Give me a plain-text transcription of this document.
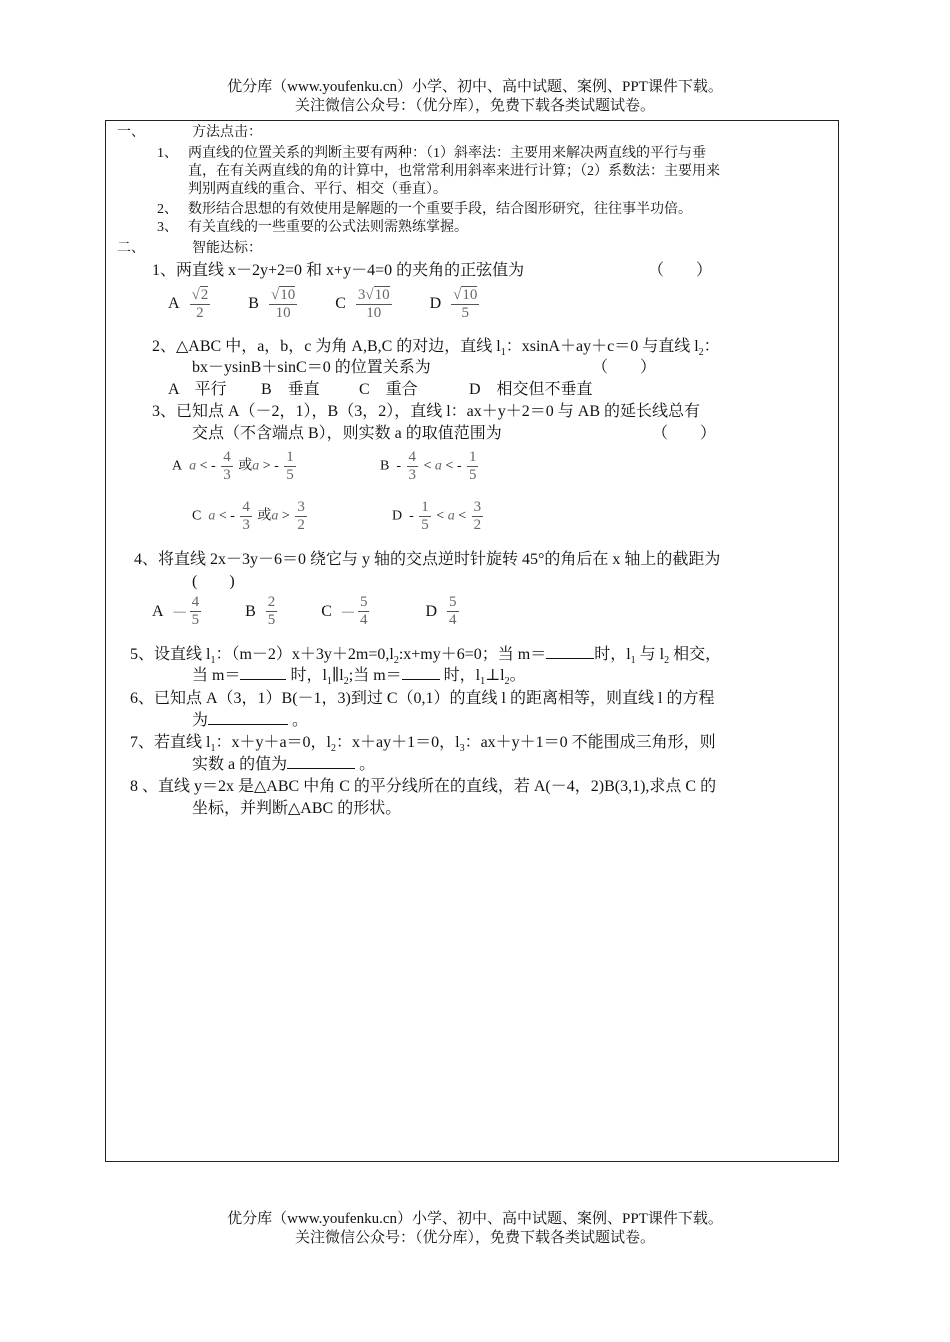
优分库（www.youfenku.cn）小学、初中、高中试题、案例、PPT课件下载。
关注微信公众号：（优分库），免费下载各类试题试卷。
一、	方法点击：
1、 两直线的位置关系的判断主要有两种：（1）斜率法：主要用来解决两直线的平行与垂
直，在有关两直线的角的计算中，也常常利用斜率来进行计算；（2）系数法：主要用来
判别两直线的重合、平行、相交（垂直）。
2、 数形结合思想的有效使用是解题的一个重要手段，结合图形研究，往往事半功倍。
3、 有关直线的一些重要的公式法则需熟练掌握。
二、	智能达标：
1、两直线 x－2y+2=0 和 x+y－4=0 的夹角的正弦值为	（　　）
A $\frac{√2}{2}$
B $\frac{√10}{10}$
C $\frac{3√10}{10}$
D $\frac{√10}{5}$
2、△ABC 中，a，b，c 为角 A,B,C 的对边，直线 $l_1$：xsinA＋ay＋c＝0 与直线 $l_2$：
bx－ysinB＋sinC＝0 的位置关系为	（　　）
A　平行 B　垂直 C　重合	D　相交但不垂直
3、已知点 A（－2，1），B（3，2），直线 l：ax＋y＋2＝0 与 AB 的延长线总有
交点（不含端点 B），则实数 a 的取值范围为	（　　）
A a < - $\frac{4}{3}$ 或a > - $\frac{1}{5}$	$B - \frac{4}{3} < a$ < - $\frac{1}{5}$
C a < - $\frac{4}{3}$ 或$a > \frac{3}{2}$	$D - \frac{1}{5} < a < \frac{3}{2}$
4、将直线 2x－3y－6＝0 绕它与 y 轴的交点逆时针旋转 45°的角后在 x 轴上的截距为
(　　)
$A - \frac{4}{5}$
	B $\frac{2}{5}$
	$C - \frac{5}{4}$
	D $\frac{5}{4}$
5、设直线 $l_1$：$(m-2)x+3y+2m=0,l_2:x+my+6=0$；当 m＝	时，$l_1$ 与 $l_2$ 相交，
当 m＝	时，$l_1\parallel l_2$;当 m＝ 时，$l_1\perp l_2$。
6、已知点 A（3，1）B(－1，3)到过 C（0,1）的直线 l 的距离相等，则直线 l 的方程
为	。
7、若直线 $l_1$：x＋y＋a＝0，$l_2$：x＋ay＋1＝0，$l_3$：ax＋y＋1＝0 不能围成三角形，则
实数 a 的值为	。
8 、直线 y＝2x 是△ABC 中角 C 的平分线所在的直线，若 A(－4，2)B(3,1),求点 C 的
坐标，并判断△ABC 的形状。
优分库（www.youfenku.cn）小学、初中、高中试题、案例、PPT课件下载。
关注微信公众号：（优分库），免费下载各类试题试卷。
